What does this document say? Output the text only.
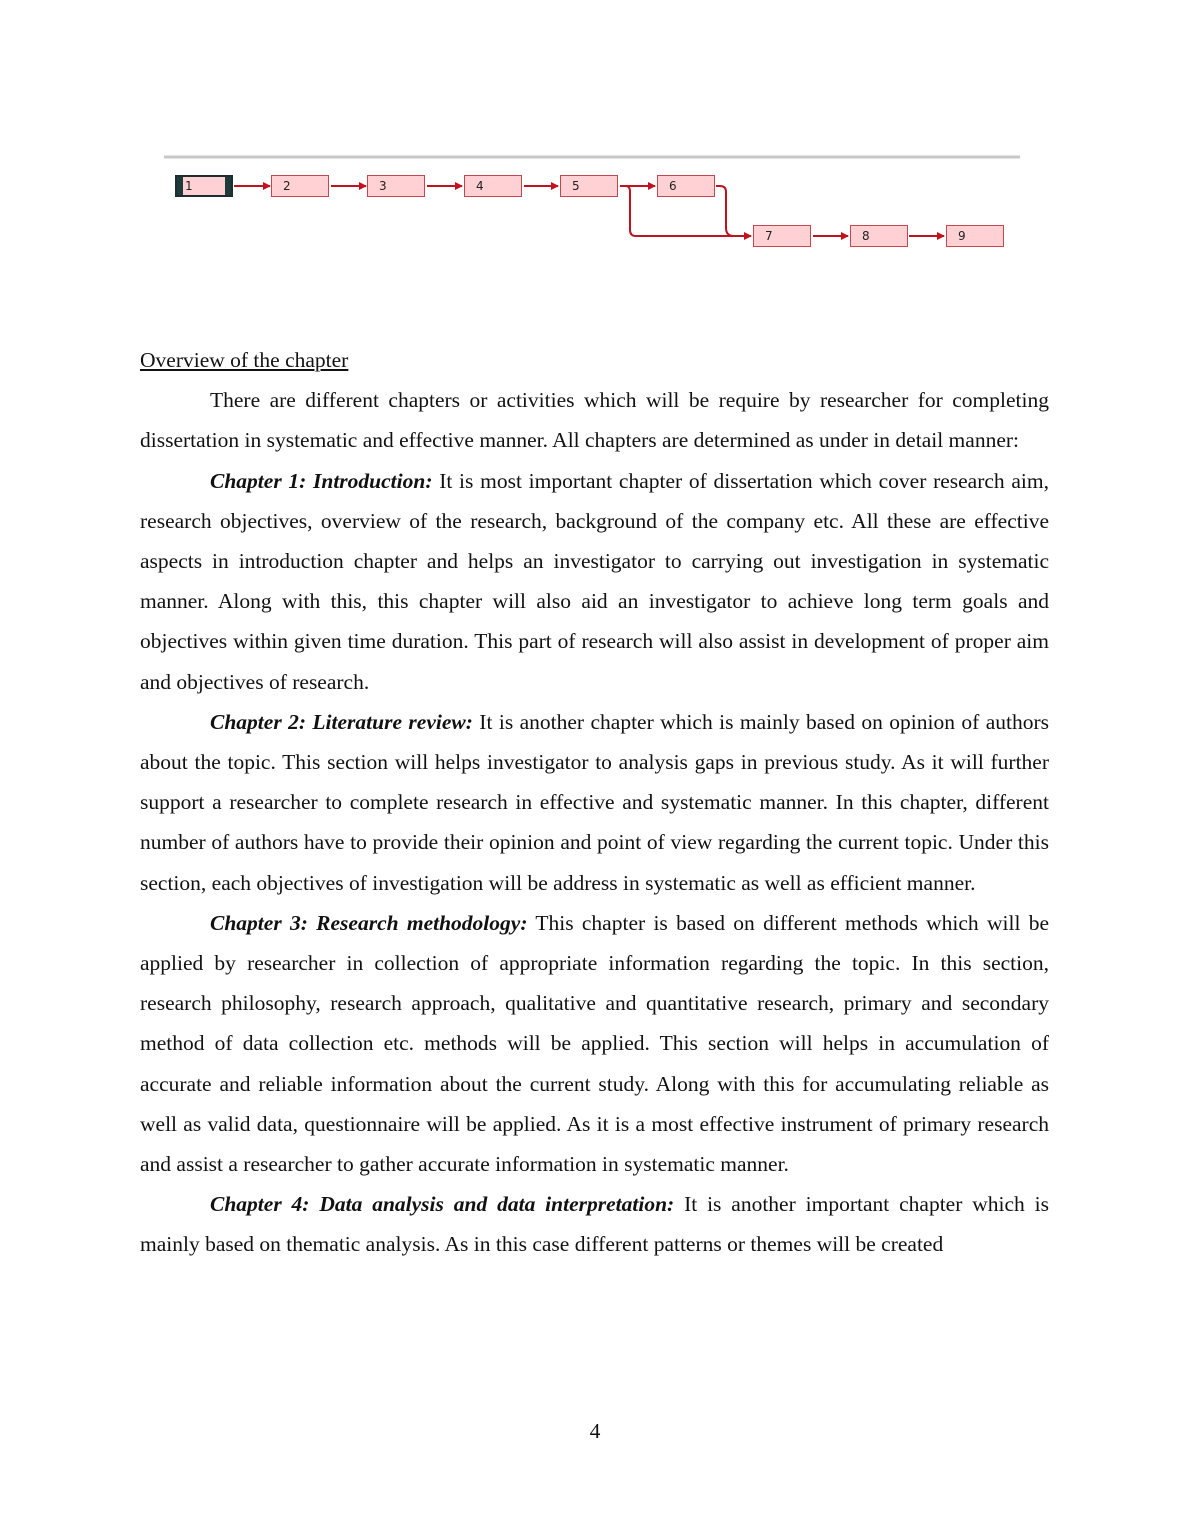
1	2	3	4	5	6
7	8	9

Overview of the chapter

There are different chapters or activities which will be require by researcher for completing dissertation in systematic and effective manner. All chapters are determined as under in detail manner:

Chapter 1: Introduction: It is most important chapter of dissertation which cover research aim, research objectives, overview of the research, background of the company etc. All these are effective aspects in introduction chapter and helps an investigator to carrying out investigation in systematic manner. Along with this, this chapter will also aid an investigator to achieve long term goals and objectives within given time duration. This part of research will also assist in development of proper aim and objectives of research.

Chapter 2: Literature review: It is another chapter which is mainly based on opinion of authors about the topic. This section will helps investigator to analysis gaps in previous study. As it will further support a researcher to complete research in effective and systematic manner. In this chapter, different number of authors have to provide their opinion and point of view regarding the current topic. Under this section, each objectives of investigation will be address in systematic as well as efficient manner.

Chapter 3: Research methodology: This chapter is based on different methods which will be applied by researcher in collection of appropriate information regarding the topic. In this section, research philosophy, research approach, qualitative and quantitative research, primary and secondary method of data collection etc. methods will be applied. This section will helps in accumulation of accurate and reliable information about the current study. Along with this for accumulating reliable as well as valid data, questionnaire will be applied. As it is a most effective instrument of primary research and assist a researcher to gather accurate information in systematic manner.

Chapter 4: Data analysis and data interpretation: It is another important chapter which is mainly based on thematic analysis. As in this case different patterns or themes will be created

4
